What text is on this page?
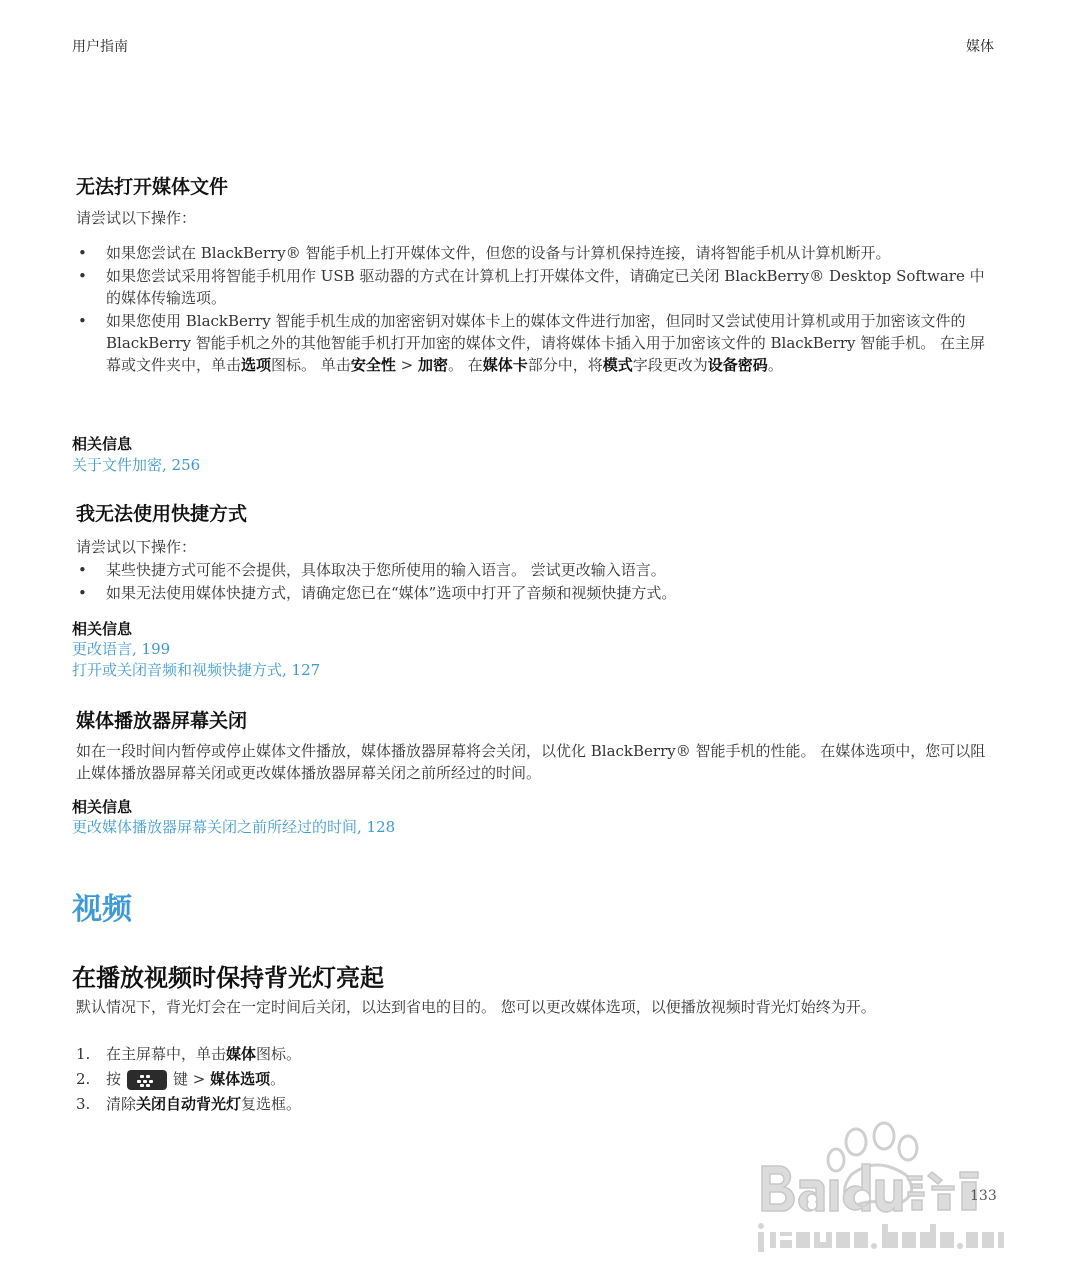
用户指南	媒体
无法打开媒体文件

请尝试以下操作：

• 如果您尝试在 BlackBerry® 智能手机上打开媒体文件，但您的设备与计算机保持连接，请将智能手机从计算机断开。
• 如果您尝试采用将智能手机用作 USB 驱动器的方式在计算机上打开媒体文件，请确定已关闭 BlackBerry® Desktop Software 中的媒体传输选项。
• 如果您使用 BlackBerry 智能手机生成的加密密钥对媒体卡上的媒体文件进行加密，但同时又尝试使用计算机或用于加密该文件的 BlackBerry 智能手机之外的其他智能手机打开加密的媒体文件，请将媒体卡插入用于加密该文件的 BlackBerry 智能手机。 在主屏幕或文件夹中，单击选项图标。 单击安全性 > 加密。 在媒体卡部分中，将模式字段更改为设备密码。
相关信息
关于文件加密, 256
我无法使用快捷方式

请尝试以下操作：

• 某些快捷方式可能不会提供，具体取决于您所使用的输入语言。 尝试更改输入语言。
• 如果无法使用媒体快捷方式，请确定您已在“媒体”选项中打开了音频和视频快捷方式。
相关信息
更改语言, 199
打开或关闭音频和视频快捷方式, 127
媒体播放器屏幕关闭

如在一段时间内暂停或停止媒体文件播放，媒体播放器屏幕将会关闭，以优化 BlackBerry® 智能手机的性能。 在媒体选项中，您可以阻止媒体播放器屏幕关闭或更改媒体播放器屏幕关闭之前所经过的时间。

相关信息
更改媒体播放器屏幕关闭之前所经过的时间, 128
视频
在播放视频时保持背光灯亮起

默认情况下，背光灯会在一定时间后关闭，以达到省电的目的。 您可以更改媒体选项，以便播放视频时背光灯始终为开。

1. 在主屏幕中，单击媒体图标。
2. 按	键 > 媒体选项。
3. 清除关闭自动背光灯复选框。
133
